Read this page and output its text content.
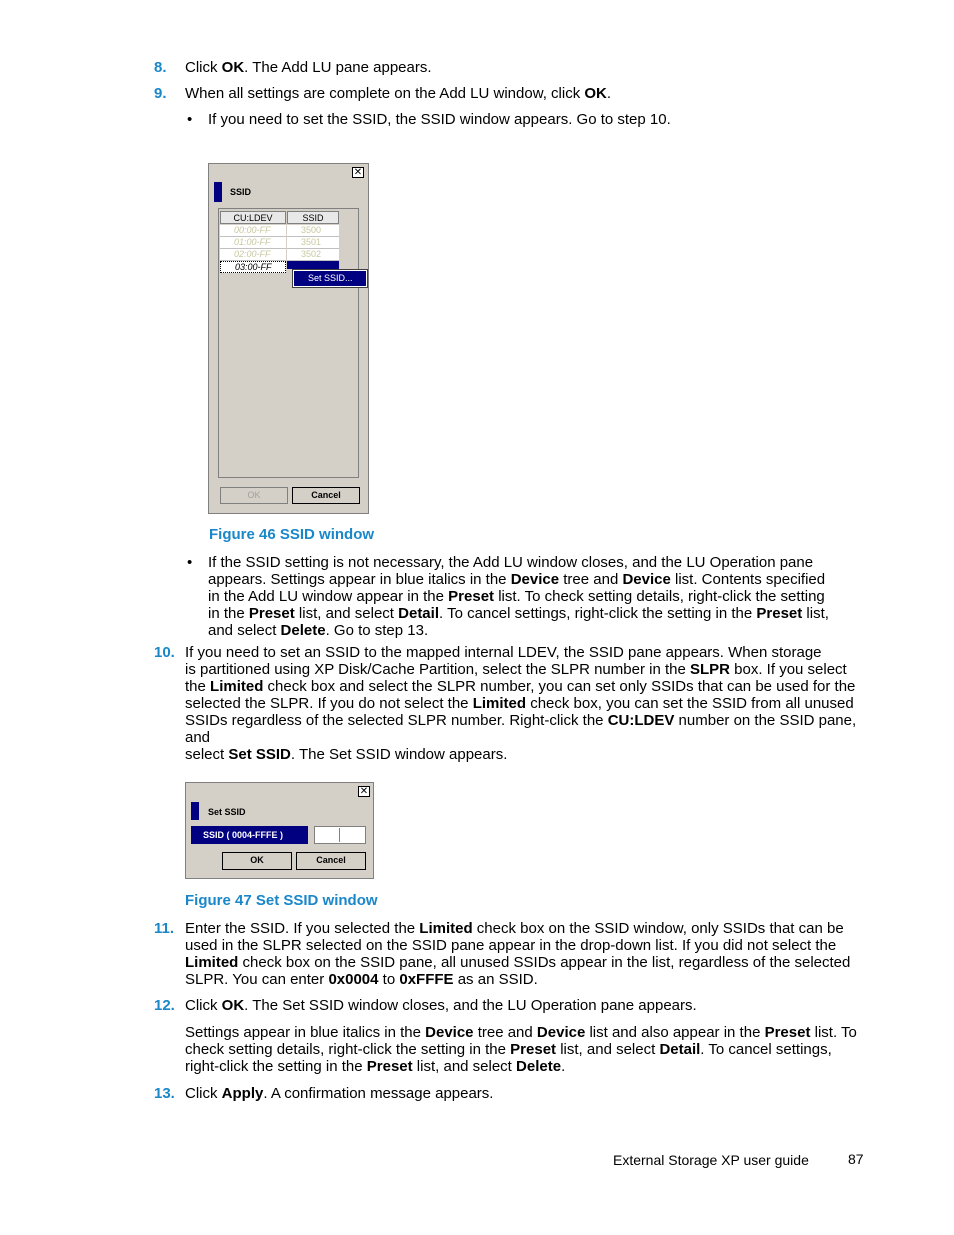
8. Click OK. The Add LU pane appears.
9. When all settings are complete on the Add LU window, click OK.
• If you need to set the SSID, the SSID window appears. Go to step 10.
✕
SSID
CU:LDEV	SSID
00:00-FF	3500
01:00-FF	3501
02:00-FF	3502
03:00-FF
Set SSID...
OK	Cancel
Figure 46 SSID window
• If the SSID setting is not necessary, the Add LU window closes, and the LU Operation pane
appears. Settings appear in blue italics in the Device tree and Device list. Contents specified
in the Add LU window appear in the Preset list. To check setting details, right-click the setting
in the Preset list, and select Detail. To cancel settings, right-click the setting in the Preset list,
and select Delete. Go to step 13.
10. If you need to set an SSID to the mapped internal LDEV, the SSID pane appears. When storage
is partitioned using XP Disk/Cache Partition, select the SLPR number in the SLPR box. If you select
the Limited check box and select the SLPR number, you can set only SSIDs that can be used for the
selected the SLPR. If you do not select the Limited check box, you can set the SSID from all unused
SSIDs regardless of the selected SLPR number. Right-click the CU:LDEV number on the SSID pane, and
select Set SSID. The Set SSID window appears.
✕
Set SSID
SSID ( 0004-FFFE )
OK	Cancel
Figure 47 Set SSID window
11. Enter the SSID. If you selected the Limited check box on the SSID window, only SSIDs that can be
used in the SLPR selected on the SSID pane appear in the drop-down list. If you did not select the
Limited check box on the SSID pane, all unused SSIDs appear in the list, regardless of the selected
SLPR. You can enter 0x0004 to 0xFFFE as an SSID.
12. Click OK. The Set SSID window closes, and the LU Operation pane appears.
Settings appear in blue italics in the Device tree and Device list and also appear in the Preset list. To
check setting details, right-click the setting in the Preset list, and select Detail. To cancel settings,
right-click the setting in the Preset list, and select Delete.
13. Click Apply. A confirmation message appears.
External Storage XP user guide	87
